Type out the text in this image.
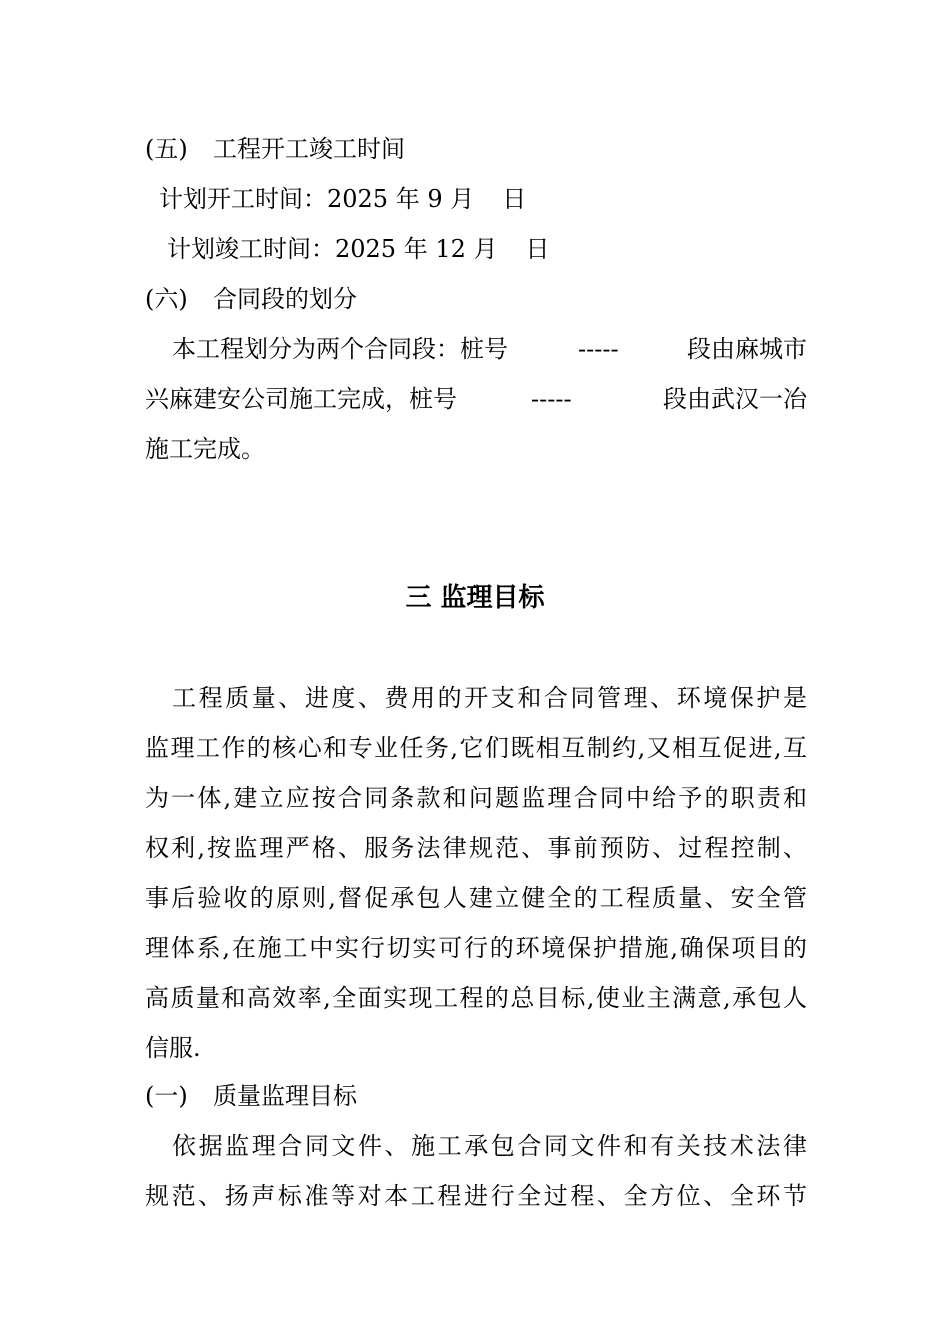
(五) 工程开工竣工时间
计划开工时间：2025 年 9 月 日
计划竣工时间：2025 年 12 月 日
(六) 合同段的划分
本工程划分为两个合同段：桩号	-----	段由麻城市
兴麻建安公司施工完成，桩号	-----	段由武汉一冶
施工完成。
三 监理目标
工程质量、进度、费用的开支和合同管理、环境保护是
监理工作的核心和专业任务,它们既相互制约,又相互促进,互
为一体,建立应按合同条款和问题监理合同中给予的职责和
权利,按监理严格、服务法律规范、事前预防、过程控制、
事后验收的原则,督促承包人建立健全的工程质量、安全管
理体系,在施工中实行切实可行的环境保护措施,确保项目的
高质量和高效率,全面实现工程的总目标,使业主满意,承包人
信服.
(一) 质量监理目标
依据监理合同文件、施工承包合同文件和有关技术法律
规范、扬声标准等对本工程进行全过程、全方位、全环节
